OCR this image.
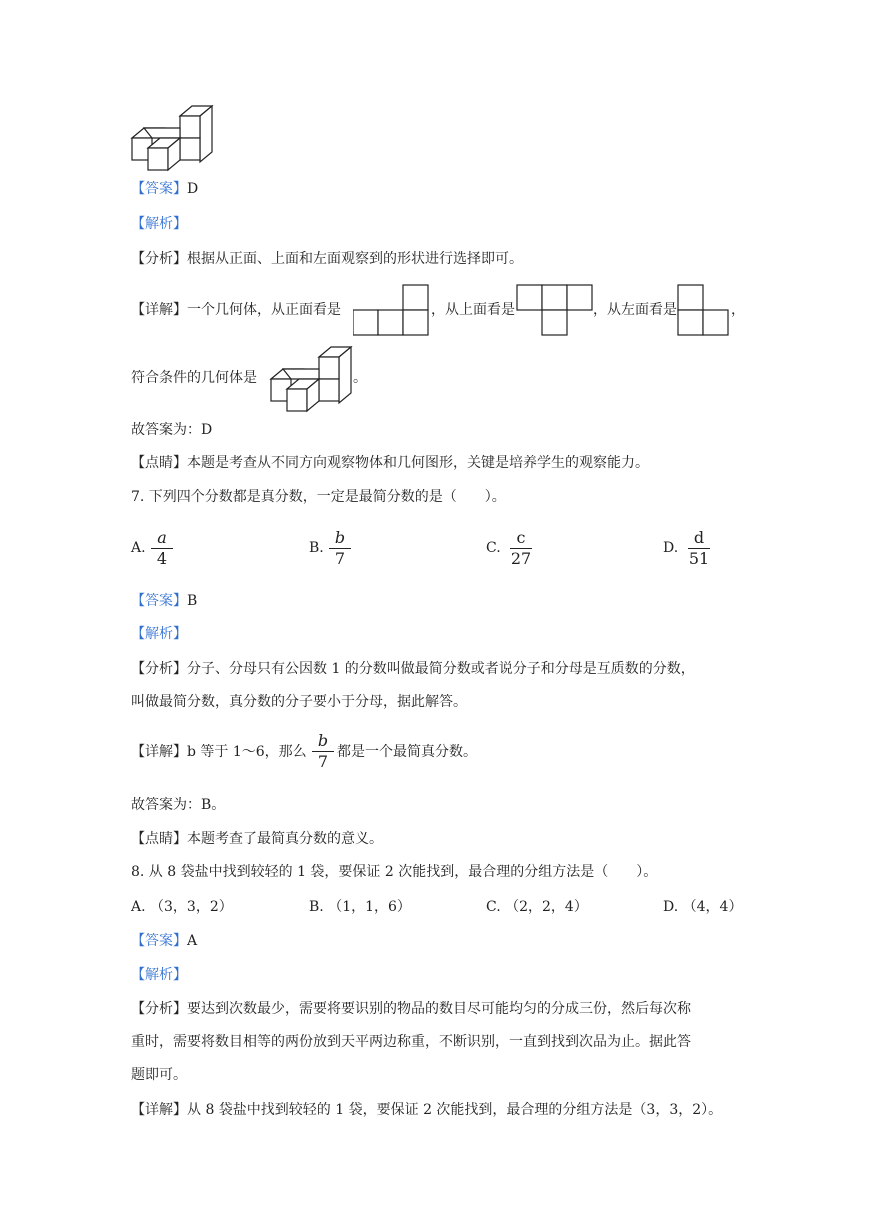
【答案】D
【解析】
【分析】根据从正面、上面和左面观察到的形状进行选择即可。
【详解】一个几何体，从正面看是	，从上面看是	，从左面看是	，
符合条件的几何体是	。
故答案为：D
【点睛】本题是考查从不同方向观察物体和几何图形，关键是培养学生的观察能力。
7. 下列四个分数都是真分数，一定是最简分数的是（　　）。
A.
a
4
B.
b
7
C.
c
27
D.
d
51
【答案】B
【解析】
【分析】分子、分母只有公因数 1 的分数叫做最简分数或者说分子和分母是互质数的分数，
叫做最简分数，真分数的分子要小于分母，据此解答。
【详解】b 等于 1～6，那么
b
7 都是一个最简真分数。
故答案为：B。
【点睛】本题考查了最简真分数的意义。
8. 从 8 袋盐中找到较轻的 1 袋，要保证 2 次能找到，最合理的分组方法是（　　）。
A. （3，3，2）	B. （1，1，6）	C. （2，2，4）	D. （4，4）
【答案】A
【解析】
【分析】要达到次数最少，需要将要识别的物品的数目尽可能均匀的分成三份，然后每次称
重时，需要将数目相等的两份放到天平两边称重，不断识别，一直到找到次品为止。据此答
题即可。
【详解】从 8 袋盐中找到较轻的 1 袋，要保证 2 次能找到，最合理的分组方法是（3，3，2）。
